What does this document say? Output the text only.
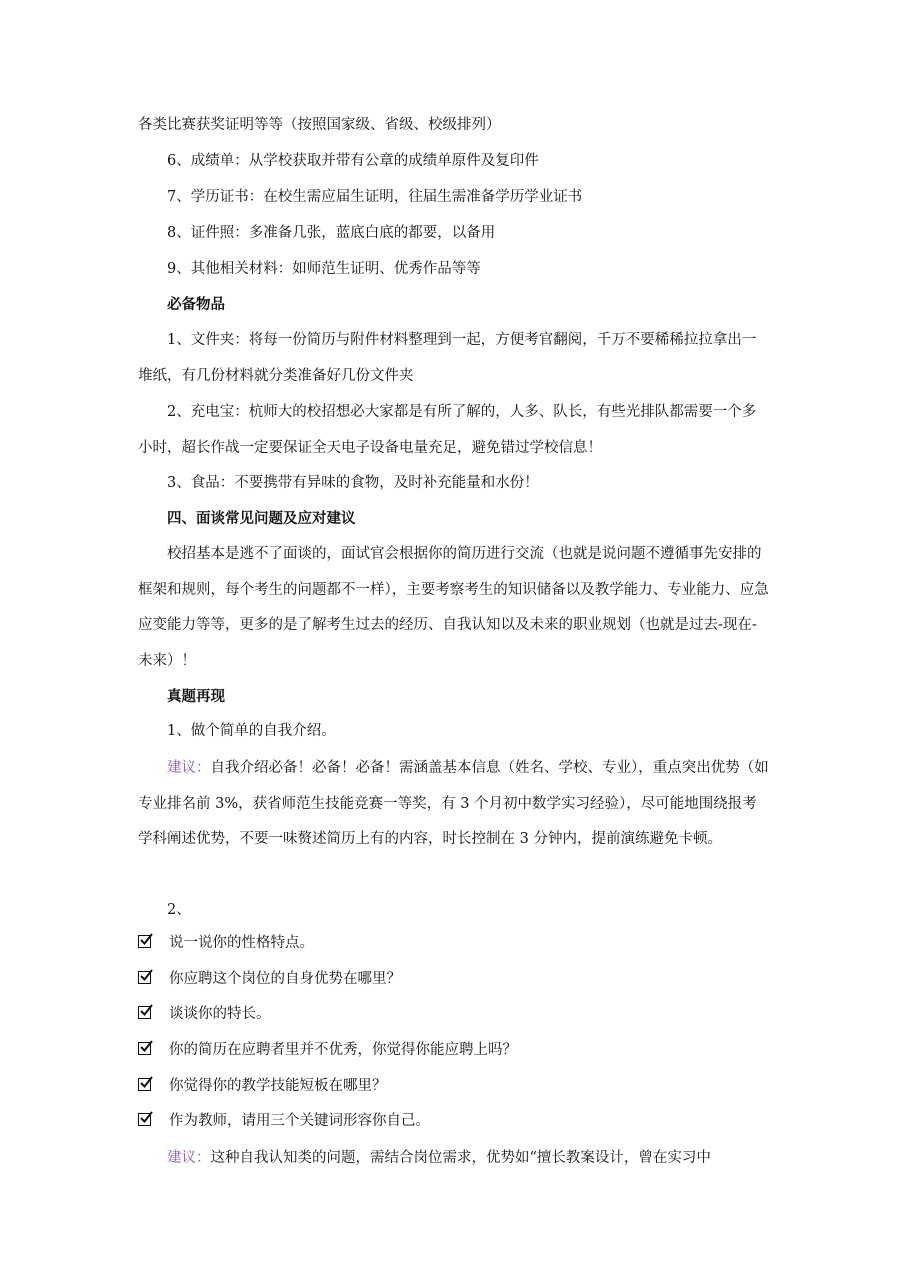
各类比赛获奖证明等等（按照国家级、省级、校级排列）

6、成绩单：从学校获取并带有公章的成绩单原件及复印件

7、学历证书：在校生需应届生证明，往届生需准备学历学业证书

8、证件照：多准备几张，蓝底白底的都要，以备用

9、其他相关材料：如师范生证明、优秀作品等等

必备物品

1、文件夹：将每一份简历与附件材料整理到一起，方便考官翻阅，千万不要稀稀拉拉拿出一堆纸，有几份材料就分类准备好几份文件夹

2、充电宝：杭师大的校招想必大家都是有所了解的，人多、队长，有些光排队都需要一个多小时，超长作战一定要保证全天电子设备电量充足，避免错过学校信息！

3、食品：不要携带有异味的食物，及时补充能量和水份！

四、面谈常见问题及应对建议

校招基本是逃不了面谈的，面试官会根据你的简历进行交流（也就是说问题不遵循事先安排的框架和规则，每个考生的问题都不一样），主要考察考生的知识储备以及教学能力、专业能力、应急应变能力等等，更多的是了解考生过去的经历、自我认知以及未来的职业规划（也就是过去-现在-未来）！

真题再现

1、做个简单的自我介绍。

建议：自我介绍必备！必备！必备！需涵盖基本信息（姓名、学校、专业），重点突出优势（如 专业排名前 3%，获省师范生技能竞赛一等奖，有 3 个月初中数学实习经验），尽可能地围绕报考学科阐述优势，不要一味赘述简历上有的内容，时长控制在 3 分钟内，提前演练避免卡顿。

2、

说一说你的性格特点。
你应聘这个岗位的自身优势在哪里？
谈谈你的特长。
你的简历在应聘者里并不优秀，你觉得你能应聘上吗？
你觉得你的教学技能短板在哪里？
作为教师，请用三个关键词形容你自己。

建议：这种自我认知类的问题，需结合岗位需求，优势如“擅长教案设计，曾在实习中
